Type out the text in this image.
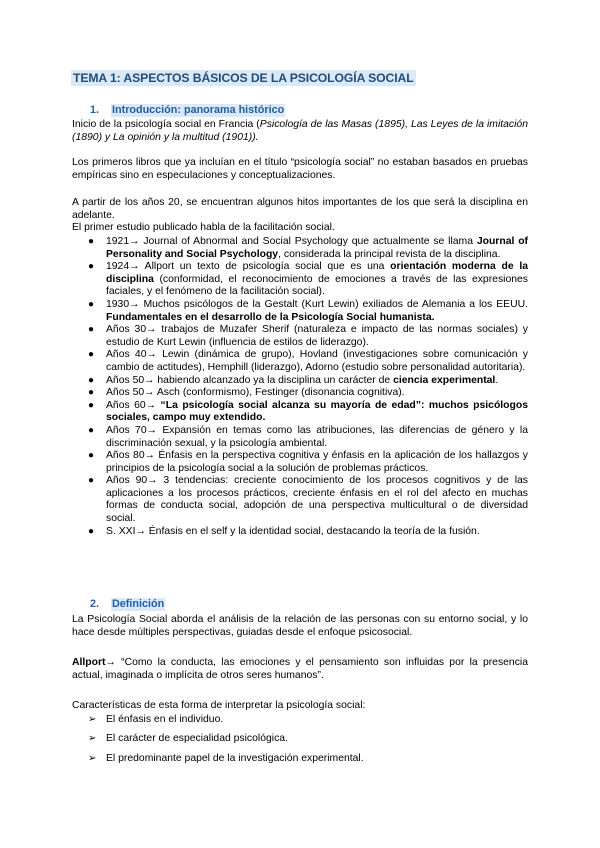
TEMA 1: ASPECTOS BÁSICOS DE LA PSICOLOGÍA SOCIAL
1. Introducción: panorama histórico

Inicio de la psicología social en Francia (Psicología de las Masas (1895), Las Leyes de la imitación (1890) y La opinión y la multitud (1901)).

Los primeros libros que ya incluían en el título “psicología social” no estaban basados en pruebas empíricas sino en especulaciones y conceptualizaciones.

A partir de los años 20, se encuentran algunos hitos importantes de los que será la disciplina en adelante.

El primer estudio publicado habla de la facilitación social.

● 1921→ Journal of Abnormal and Social Psychology que actualmente se llama Journal of Personality and Social Psychology, considerada la principal revista de la disciplina.
● 1924→ Allport un texto de psicología social que es una orientación moderna de la disciplina (conformidad, el reconocimiento de emociones a través de las expresiones faciales, y el fenómeno de la facilitación social).
● 1930→ Muchos psicólogos de la Gestalt (Kurt Lewin) exiliados de Alemania a los EEUU. Fundamentales en el desarrollo de la Psicología Social humanista.
● Años 30→ trabajos de Muzafer Sherif (naturaleza e impacto de las normas sociales) y estudio de Kurt Lewin (influencia de estilos de liderazgo).
● Años 40→ Lewin (dinámica de grupo), Hovland (investigaciones sobre comunicación y cambio de actitudes), Hemphill (liderazgo), Adorno (estudio sobre personalidad autoritaria).
● Años 50→ habiendo alcanzado ya la disciplina un carácter de ciencia experimental.
● Años 50→ Asch (conformismo), Festinger (disonancia cognitiva).
● Años 60→ “La psicología social alcanza su mayoría de edad”: muchos psicólogos sociales, campo muy extendido.
● Años 70→ Expansión en temas como las atribuciones, las diferencias de género y la discriminación sexual, y la psicología ambiental.
● Años 80→ Énfasis en la perspectiva cognitiva y énfasis en la aplicación de los hallazgos y principios de la psicología social a la solución de problemas prácticos.
● Años 90→ 3 tendencias: creciente conocimiento de los procesos cognitivos y de las aplicaciones a los procesos prácticos, creciente énfasis en el rol del afecto en muchas formas de conducta social, adopción de una perspectiva multicultural o de diversidad social.
● S. XXI→ Énfasis en el self y la identidad social, destacando la teoría de la fusión.
2. Definición

La Psicología Social aborda el análisis de la relación de las personas con su entorno social, y lo hace desde múltiples perspectivas, guiadas desde el enfoque psicosocial.

Allport→ “Como la conducta, las emociones y el pensamiento son influidas por la presencia actual, imaginada o implícita de otros seres humanos”.

Características de esta forma de interpretar la psicología social:

➢ El énfasis en el individuo.
➢ El carácter de especialidad psicológica.
➢ El predominante papel de la investigación experimental.
